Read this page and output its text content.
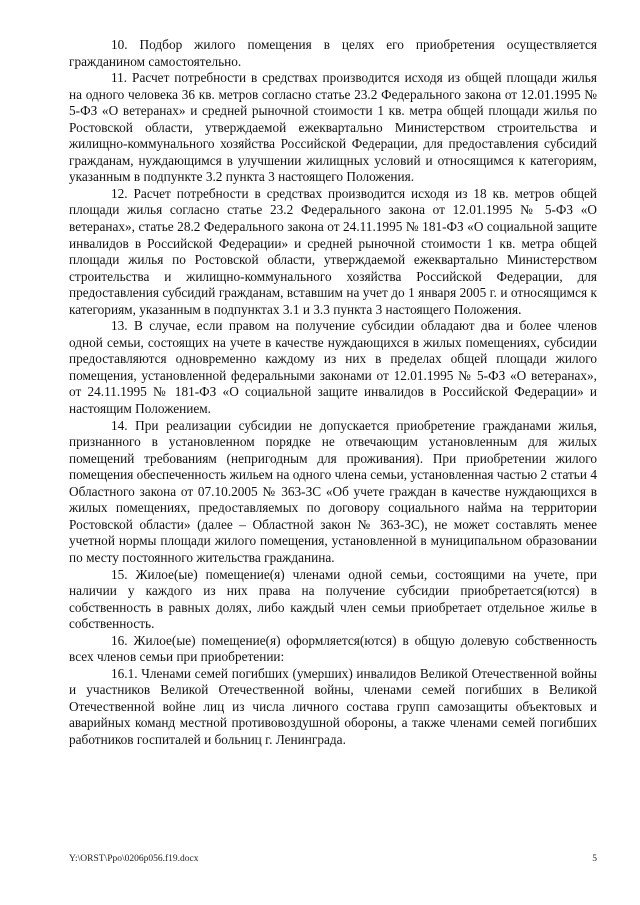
10. Подбор жилого помещения в целях его приобретения осуществляется гражданином самостоятельно.

11. Расчет потребности в средствах производится исходя из общей площади жилья на одного человека 36 кв. метров согласно статье 23.2 Федерального закона от 12.01.1995 № 5-ФЗ «О ветеранах» и средней рыночной стоимости 1 кв. метра общей площади жилья по Ростовской области, утверждаемой ежеквартально Министерством строительства и жилищно-коммунального хозяйства Российской Федерации, для предоставления субсидий гражданам, нуждающимся в улучшении жилищных условий и относящимся к категориям, указанным в подпункте 3.2 пункта 3 настоящего Положения.

12. Расчет потребности в средствах производится исходя из 18 кв. метров общей площади жилья согласно статье 23.2 Федерального закона от 12.01.1995 № 5-ФЗ «О ветеранах», статье 28.2 Федерального закона от 24.11.1995 № 181-ФЗ «О социальной защите инвалидов в Российской Федерации» и средней рыночной стоимости 1 кв. метра общей площади жилья по Ростовской области, утверждаемой ежеквартально Министерством строительства и жилищно-коммунального хозяйства Российской Федерации, для предоставления субсидий гражданам, вставшим на учет до 1 января 2005 г. и относящимся к категориям, указанным в подпунктах 3.1 и 3.3 пункта 3 настоящего Положения.

13. В случае, если правом на получение субсидии обладают два и более членов одной семьи, состоящих на учете в качестве нуждающихся в жилых помещениях, субсидии предоставляются одновременно каждому из них в пределах общей площади жилого помещения, установленной федеральными законами от 12.01.1995 № 5-ФЗ «О ветеранах», от 24.11.1995 № 181-ФЗ «О социальной защите инвалидов в Российской Федерации» и настоящим Положением.

14. При реализации субсидии не допускается приобретение гражданами жилья, признанного в установленном порядке не отвечающим установленным для жилых помещений требованиям (непригодным для проживания). При приобретении жилого помещения обеспеченность жильем на одного члена семьи, установленная частью 2 статьи 4 Областного закона от 07.10.2005 № 363-ЗС «Об учете граждан в качестве нуждающихся в жилых помещениях, предоставляемых по договору социального найма на территории Ростовской области» (далее – Областной закон № 363-ЗС), не может составлять менее учетной нормы площади жилого помещения, установленной в муниципальном образовании по месту постоянного жительства гражданина.

15. Жилое(ые) помещение(я) членами одной семьи, состоящими на учете, при наличии у каждого из них права на получение субсидии приобретается(ются) в собственность в равных долях, либо каждый член семьи приобретает отдельное жилье в собственность.

16. Жилое(ые) помещение(я) оформляется(ются) в общую долевую собственность всех членов семьи при приобретении:

16.1. Членами семей погибших (умерших) инвалидов Великой Отечественной войны и участников Великой Отечественной войны, членами семей погибших в Великой Отечественной войне лиц из числа личного состава групп самозащиты объектовых и аварийных команд местной противовоздушной обороны, а также членами семей погибших работников госпиталей и больниц г. Ленинграда.

Y:\ORST\Ppo\0206p056.f19.docx	5
